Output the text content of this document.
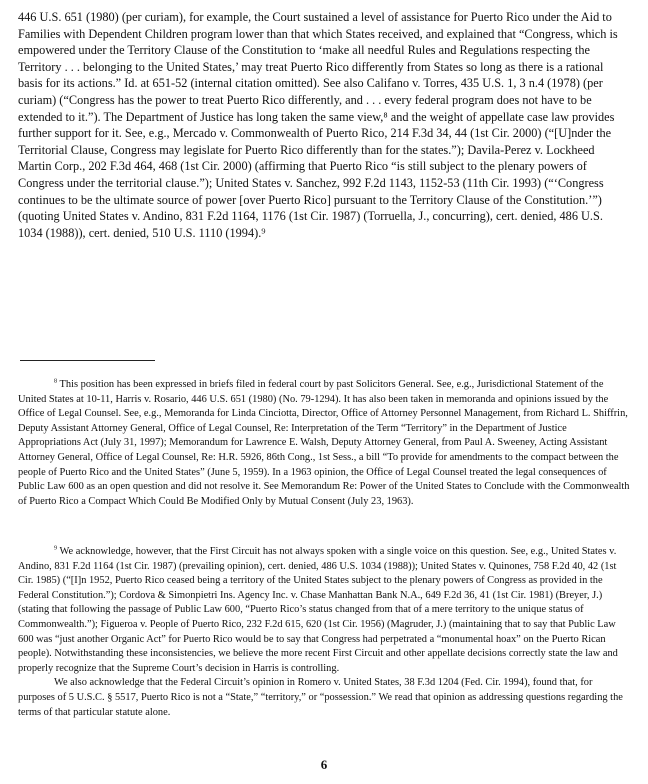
446 U.S. 651 (1980) (per curiam), for example, the Court sustained a level of assistance for Puerto Rico under the Aid to Families with Dependent Children program lower than that which States received, and explained that “Congress, which is empowered under the Territory Clause of the Constitution to ‘make all needful Rules and Regulations respecting the Territory . . . belonging to the United States,’ may treat Puerto Rico differently from States so long as there is a rational basis for its actions.” Id. at 651-52 (internal citation omitted). See also Califano v. Torres, 435 U.S. 1, 3 n.4 (1978) (per curiam) (“Congress has the power to treat Puerto Rico differently, and . . . every federal program does not have to be extended to it.”). The Department of Justice has long taken the same view,⁸ and the weight of appellate case law provides further support for it. See, e.g., Mercado v. Commonwealth of Puerto Rico, 214 F.3d 34, 44 (1st Cir. 2000) (“[U]nder the Territorial Clause, Congress may legislate for Puerto Rico differently than for the states.”); Davila-Perez v. Lockheed Martin Corp., 202 F.3d 464, 468 (1st Cir. 2000) (affirming that Puerto Rico “is still subject to the plenary powers of Congress under the territorial clause.”); United States v. Sanchez, 992 F.2d 1143, 1152-53 (11th Cir. 1993) (“‘Congress continues to be the ultimate source of power [over Puerto Rico] pursuant to the Territory Clause of the Constitution.’”) (quoting United States v. Andino, 831 F.2d 1164, 1176 (1st Cir. 1987) (Torruella, J., concurring), cert. denied, 486 U.S. 1034 (1988)), cert. denied, 510 U.S. 1110 (1994).⁹

$^8$ This position has been expressed in briefs filed in federal court by past Solicitors General. See, e.g., Jurisdictional Statement of the United States at 10-11, Harris v. Rosario, 446 U.S. 651 (1980) (No. 79-1294). It has also been taken in memoranda and opinions issued by the Office of Legal Counsel. See, e.g., Memoranda for Linda Cinciotta, Director, Office of Attorney Personnel Management, from Richard L. Shiffrin, Deputy Assistant Attorney General, Office of Legal Counsel, Re: Interpretation of the Term “Territory” in the Department of Justice Appropriations Act (July 31, 1997); Memorandum for Lawrence E. Walsh, Deputy Attorney General, from Paul A. Sweeney, Acting Assistant Attorney General, Office of Legal Counsel, Re: H.R. 5926, 86th Cong., 1st Sess., a bill “To provide for amendments to the compact between the people of Puerto Rico and the United States” (June 5, 1959). In a 1963 opinion, the Office of Legal Counsel treated the legal consequences of Public Law 600 as an open question and did not resolve it. See Memorandum Re: Power of the United States to Conclude with the Commonwealth of Puerto Rico a Compact Which Could Be Modified Only by Mutual Consent (July 23, 1963).

$^9$ We acknowledge, however, that the First Circuit has not always spoken with a single voice on this question. See, e.g., United States v. Andino, 831 F.2d 1164 (1st Cir. 1987) (prevailing opinion), cert. denied, 486 U.S. 1034 (1988)); United States v. Quinones, 758 F.2d 40, 42 (1st Cir. 1985) (“[I]n 1952, Puerto Rico ceased being a territory of the United States subject to the plenary powers of Congress as provided in the Federal Constitution.”); Cordova & Simonpietri Ins. Agency Inc. v. Chase Manhattan Bank N.A., 649 F.2d 36, 41 (1st Cir. 1981) (Breyer, J.) (stating that following the passage of Public Law 600, “Puerto Rico’s status changed from that of a mere territory to the unique status of Commonwealth.”); Figueroa v. People of Puerto Rico, 232 F.2d 615, 620 (1st Cir. 1956) (Magruder, J.) (maintaining that to say that Public Law 600 was “just another Organic Act” for Puerto Rico would be to say that Congress had perpetrated a “monumental hoax” on the Puerto Rican people). Notwithstanding these inconsistencies, we believe the more recent First Circuit and other appellate decisions correctly state the law and properly recognize that the Supreme Court’s decision in Harris is controlling.

We also acknowledge that the Federal Circuit’s opinion in Romero v. United States, 38 F.3d 1204 (Fed. Cir. 1994), found that, for purposes of 5 U.S.C. § 5517, Puerto Rico is not a “State,” “territory,” or “possession.” We read that opinion as addressing questions regarding the terms of that particular statute alone.

6
